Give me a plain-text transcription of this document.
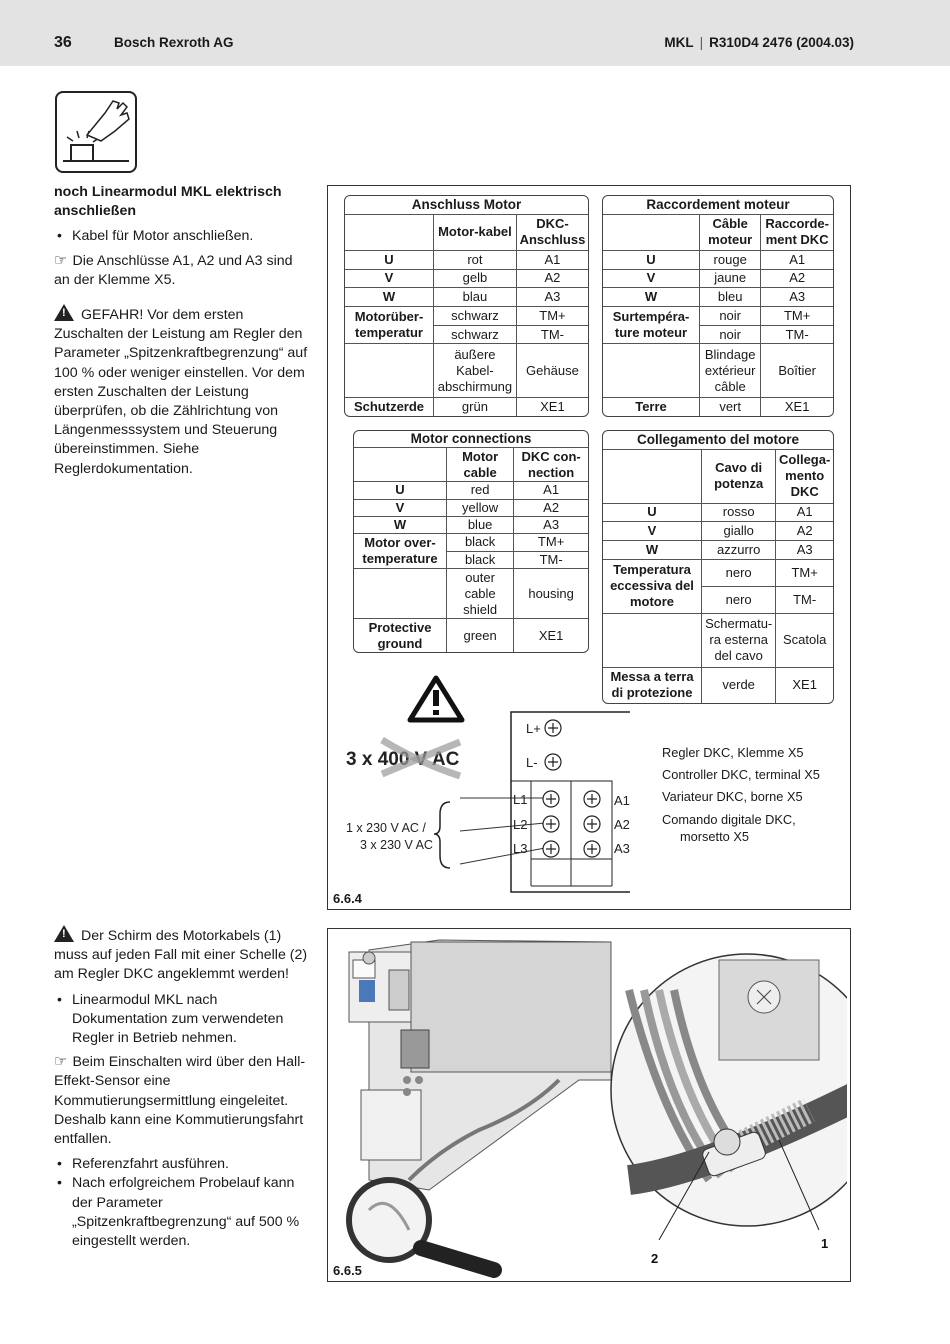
36	Bosch Rexroth AG	MKL | R310D4 2476 (2004.03)

noch Linearmodul MKL elektrisch anschließen

• Kabel für Motor anschließen.

☞ Die Anschlüsse A1, A2 und A3 sind an der Klemme X5.

!GEFAHR! Vor dem ersten Zuschalten der Leistung am Regler den Parameter „Spitzenkraftbegrenzung“ auf 100 % oder weniger einstellen. Vor dem ersten Zuschalten der Leistung überprüfen, ob die Zählrichtung von Längenmesssystem und Steuerung übereinstimmen. Siehe Reglerdokumentation.

!Der Schirm des Motorkabels (1) muss auf jeden Fall mit einer Schelle (2) am Regler DKC angeklemmt werden!

• Linearmodul MKL nach Dokumentation zum verwendeten Regler in Betrieb nehmen.

☞ Beim Einschalten wird über den Hall-Effekt-Sensor eine Kommutierungsermittlung eingeleitet. Deshalb kann eine Kommutierungsfahrt entfallen.

• Referenzfahrt ausführen.

• Nach erfolgreichem Probelauf kann der Parameter „Spitzenkraftbegrenzung“ auf 500 % eingestellt werden.

6.6.4
Anschluss Motor		
	Motor-kabel	DKC-Anschluss
U	rot	A1
V	gelb	A2
W	blau	A3
Motorüber-temperatur	schwarz	TM+
	schwarz	TM-
	äußere Kabel-abschirmung	Gehäuse
Schutzerde	grün	XE1
Raccordement moteur		
	Câble moteur	Raccorde-ment DKC
U	rouge	A1
V	jaune	A2
W	bleu	A3
Surtempéra-ture moteur	noir	TM+
	noir	TM-
	Blindage extérieur câble	Boîtier
Terre	vert	XE1
Motor connections		
	Motor cable	DKC con-nection
U	red	A1
V	yellow	A2
W	blue	A3
Motor over-temperature	black	TM+
	black	TM-
	outer cable shield	housing
Protective ground	green	XE1
Collegamento del motore		
	Cavo di potenza	Collega-mento DKC
U	rosso	A1
V	giallo	A2
W	azzurro	A3
Temperatura eccessiva del motore	nero	TM+
	nero	TM-
	Schermatu-ra esterna del cavo	Scatola
Messa a terra di protezione	verde	XE1
3 x 400 V AC
1 x 230 V AC /
3 x 230 V AC
L+
L-
L1
L2
L3
A1
A2
A3
Regler DKC, Klemme X5
Controller DKC, terminal X5
Variateur DKC, borne X5
Comando digitale DKC,
morsetto X5
6.6.5
2
1
